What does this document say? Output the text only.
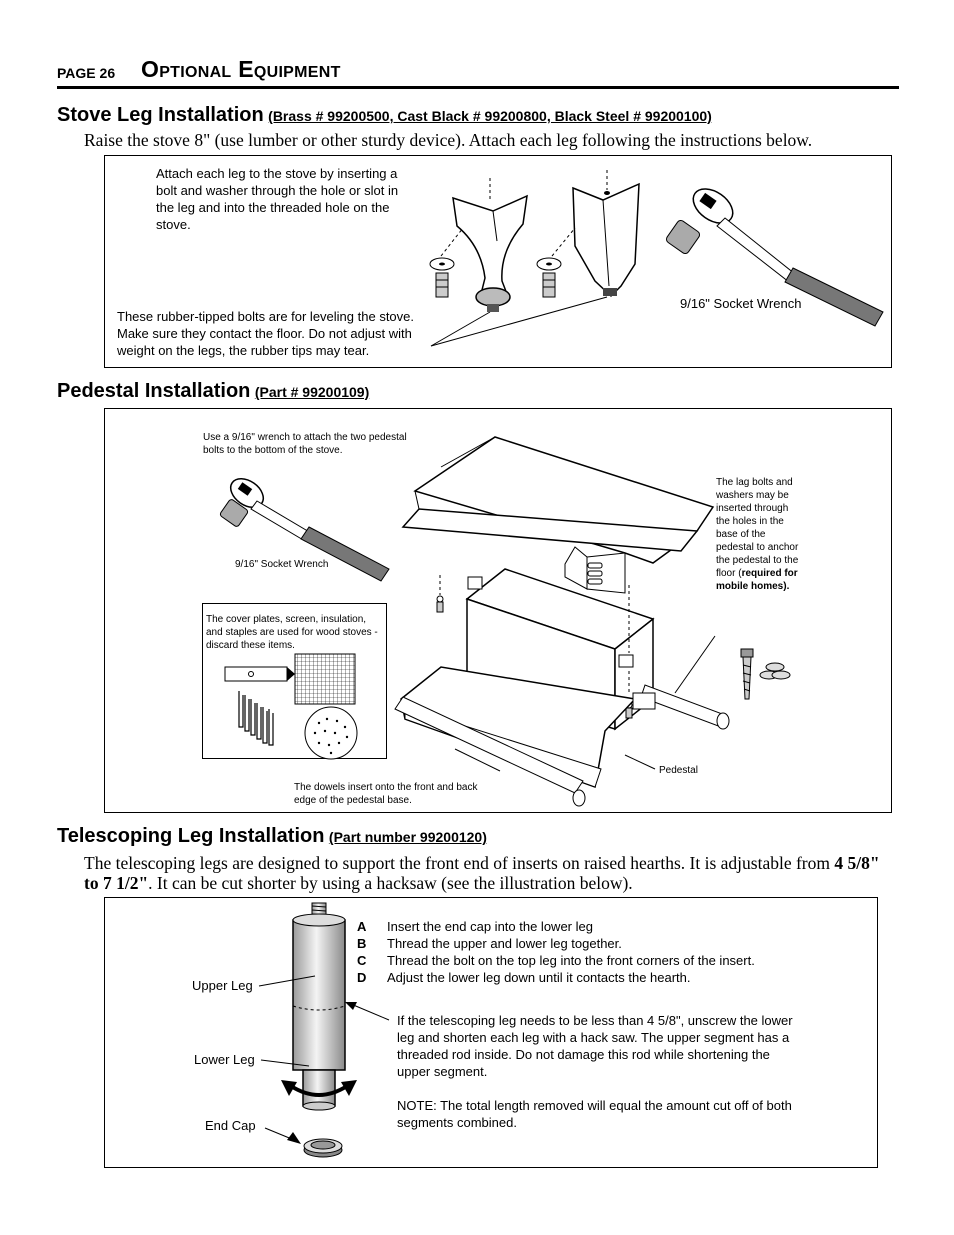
PAGE 26 Optional Equipment
Stove Leg Installation (Brass # 99200500, Cast Black # 99200800, Black Steel # 99200100)
Raise the stove 8" (use lumber or other sturdy device). Attach each leg following the instructions below.
Attach each leg to the stove by inserting a bolt and washer through the hole or slot in the leg and into the threaded hole on the stove.
These rubber-tipped bolts are for leveling the stove. Make sure they contact the floor. Do not adjust with weight on the legs, the rubber tips may tear.
9/16" Socket Wrench
Pedestal Installation (Part # 99200109)
Use a 9/16" wrench to attach the two pedestal bolts to the bottom of the stove.
9/16" Socket Wrench
The lag bolts and washers may be inserted through the holes in the base of the pedestal to anchor the pedestal to the floor (required for mobile homes).
Pedestal
The dowels insert onto the front and back edge of the pedestal base.
The cover plates, screen, insulation, and staples are used for wood stoves - discard these items.
Telescoping Leg Installation (Part number 99200120)
The telescoping legs are designed to support the front end of inserts on raised hearths. It is adjustable from 4 5/8" to 7 1/2". It can be cut shorter by using a hacksaw (see the illustration below).
A	Insert the end cap into the lower leg
B	Thread the upper and lower leg together.
C	Thread the bolt on the top leg into the front corners of the insert.
D	Adjust the lower leg down until it contacts the hearth.
If the telescoping leg needs to be less than 4 5/8", unscrew the lower leg and shorten each leg with a hack saw. The upper segment has a threaded rod inside. Do not damage this rod while shortening the upper segment.
NOTE: The total length removed will equal the amount cut off of both segments combined.
Upper Leg
Lower Leg
End Cap
